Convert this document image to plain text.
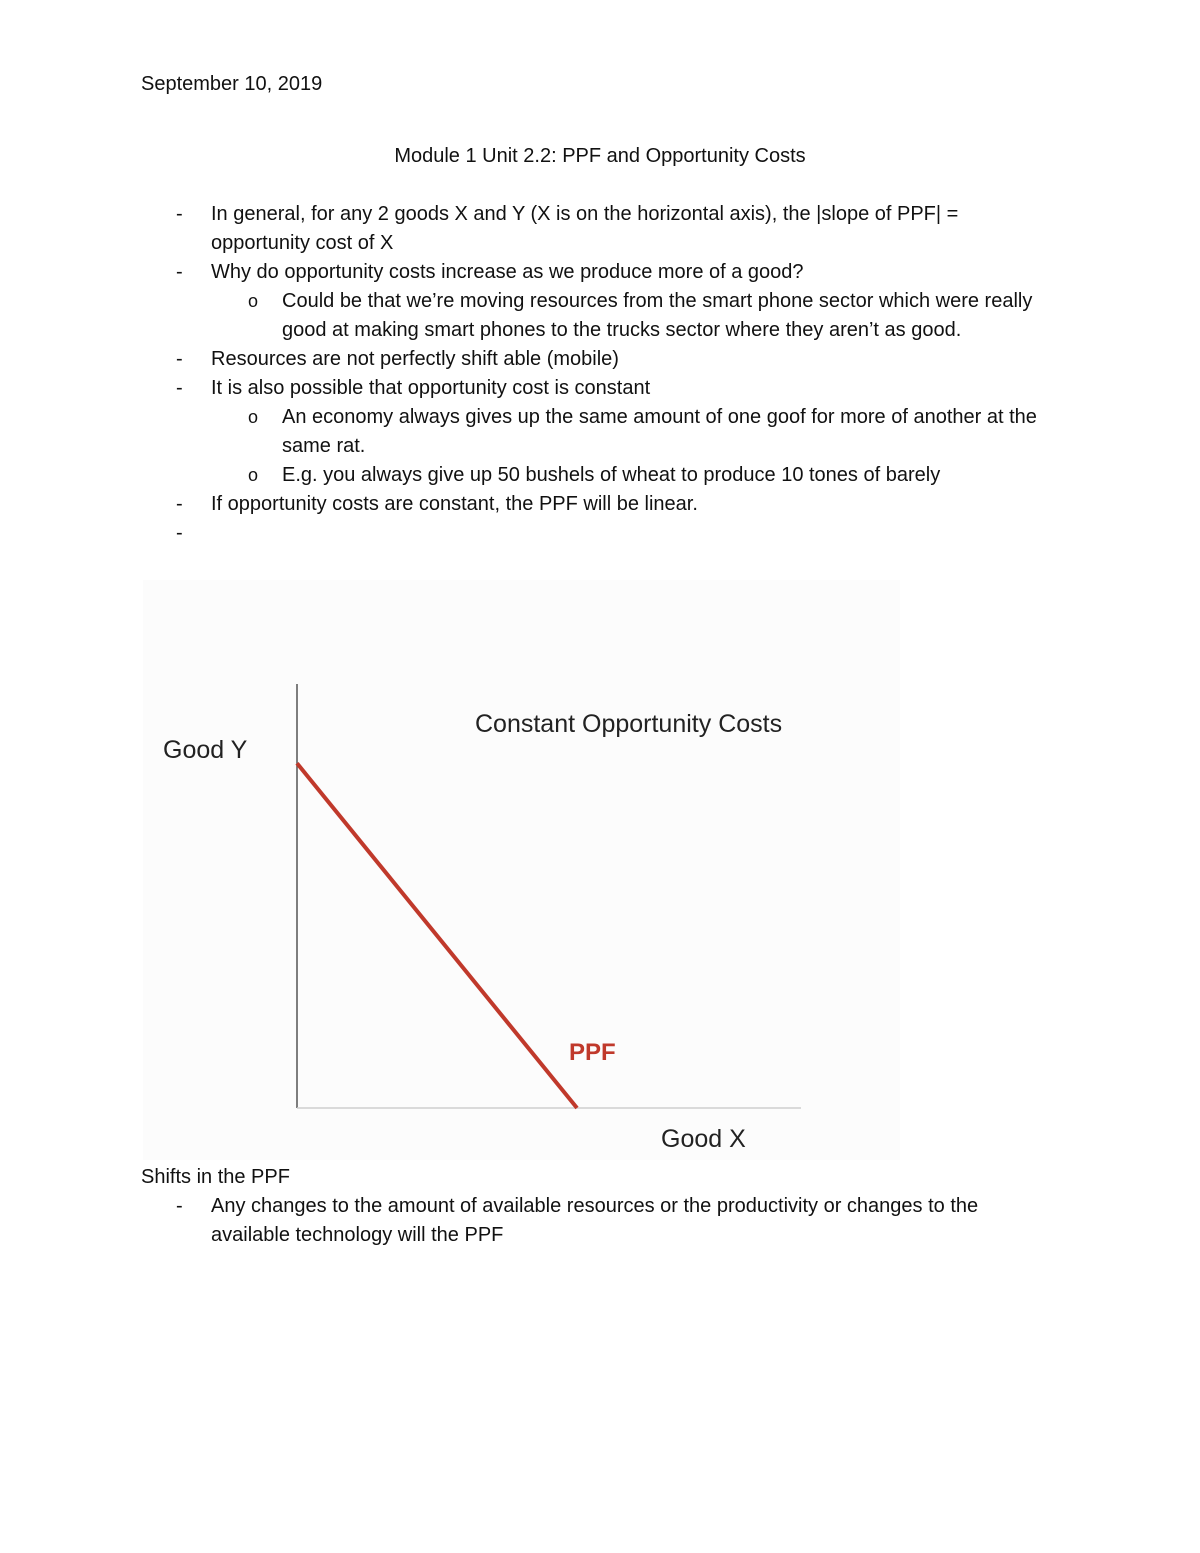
September 10, 2019
Module 1 Unit 2.2: PPF and Opportunity Costs
- In general, for any 2 goods X and Y (X is on the horizontal axis), the |slope of PPF| = opportunity cost of X
- Why do opportunity costs increase as we produce more of a good?
o Could be that we’re moving resources from the smart phone sector which were really good at making smart phones to the trucks sector where they aren’t as good.
- Resources are not perfectly shift able (mobile)
- It is also possible that opportunity cost is constant
o An economy always gives up the same amount of one goof for more of another at the same rat.
o E.g. you always give up 50 bushels of wheat to produce 10 tones of barely
- If opportunity costs are constant, the PPF will be linear.
-
Constant Opportunity Costs
Good Y
Good X
PPF
Shifts in the PPF
- Any changes to the amount of available resources or the productivity or changes to the available technology will the PPF
